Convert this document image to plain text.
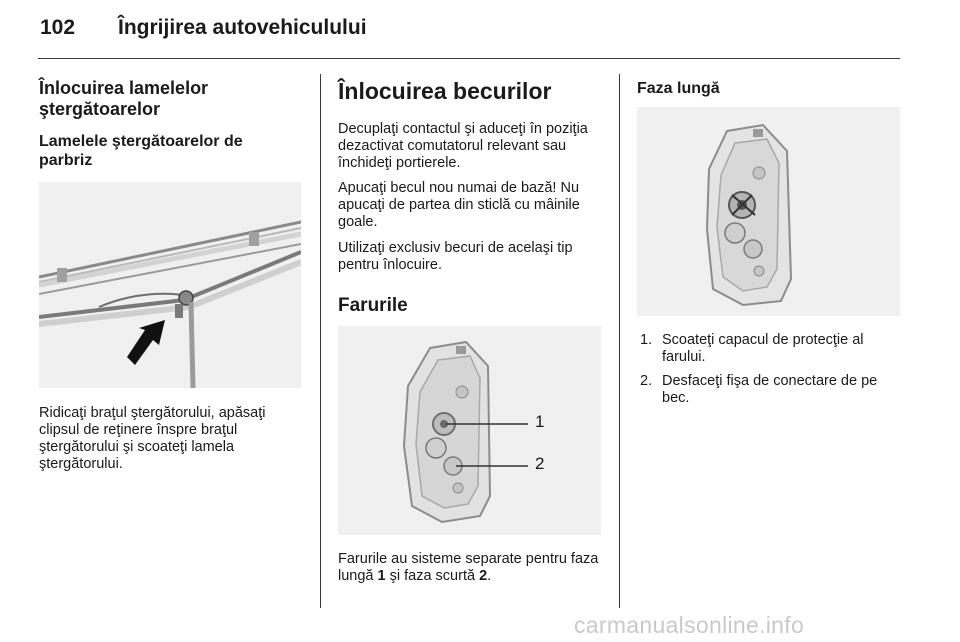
102 Îngrijirea autovehiculului
Înlocuirea lamelelor ştergătoarelor
Lamelele ştergătoarelor de parbriz
Ridicaţi braţul ştergătorului, apăsaţi clipsul de reţinere înspre braţul ştergătorului şi scoateţi lamela ştergătorului.
Înlocuirea becurilor
Decuplaţi contactul şi aduceţi în poziţia dezactivat comutatorul relevant sau închideţi portierele.
Apucaţi becul nou numai de bază! Nu apucaţi de partea din sticlă cu mâinile goale.
Utilizaţi exclusiv becuri de acelaşi tip pentru înlocuire.
Farurile
1
2
Farurile au sisteme separate pentru faza lungă 1 şi faza scurtă 2.
Faza lungă
1. Scoateţi capacul de protecţie al farului.
2. Desfaceţi fişa de conectare de pe bec.
carmanualsonline.info
